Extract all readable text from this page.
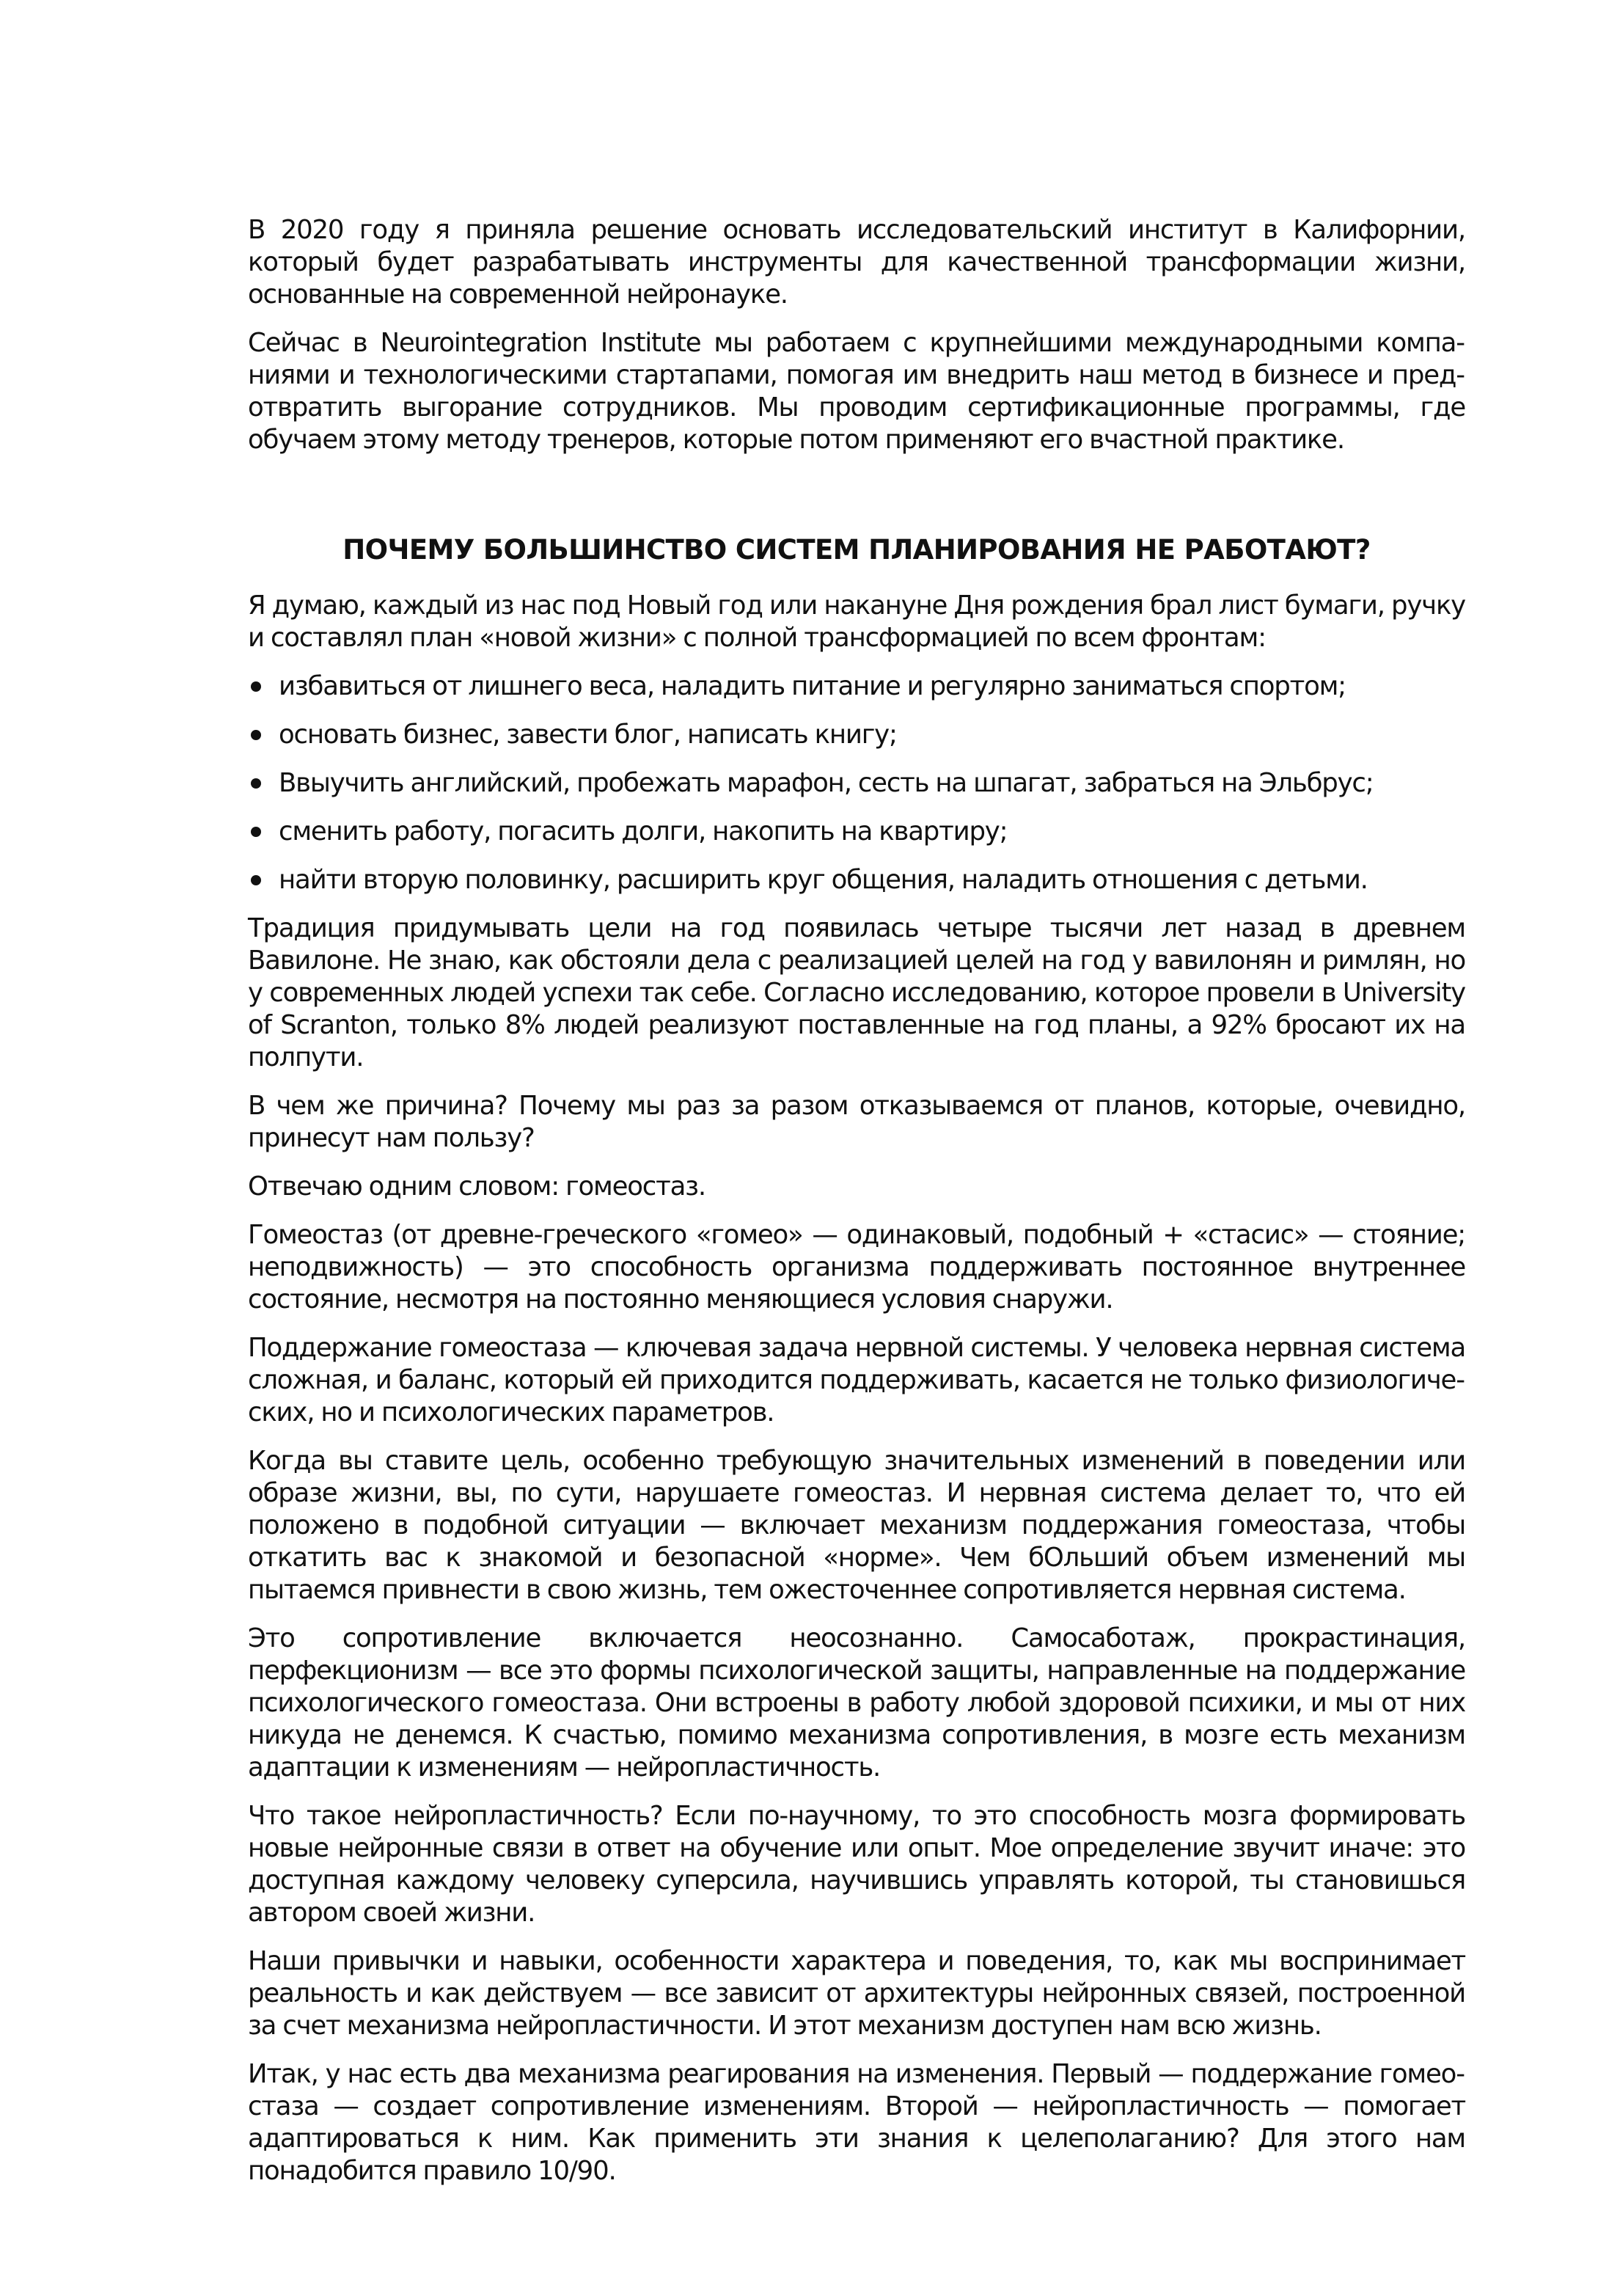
В 2020 году я приняла решение основать исследовательский институт в Калифорнии, который будет разрабатывать инструменты для качественной трансформации жизни, основанные на современной нейронауке.

Сейчас в Neurointegration Institute мы работаем с крупнейшими международными компаниями и технологическими стартапами, помогая им внедрить наш метод в бизнесе и предотвратить выгорание сотрудников. Мы проводим сертификационные программы, где обучаем этому методу тренеров, которые потом применяют его вчастной практике.

ПОЧЕМУ БОЛЬШИНСТВО СИСТЕМ ПЛАНИРОВАНИЯ НЕ РАБОТАЮТ?

Я думаю, каждый из нас под Новый год или накануне Дня рождения брал лист бумаги, ручку и составлял план «новой жизни» с полной трансформацией по всем фронтам:

избавиться от лишнего веса, наладить питание и регулярно заниматься спортом;
основать бизнес, завести блог, написать книгу;
Ввыучить английский, пробежать марафон, сесть на шпагат, забраться на Эльбрус;
сменить работу, погасить долги, накопить на квартиру;
найти вторую половинку, расширить круг общения, наладить отношения с детьми.

Традиция придумывать цели на год появилась четыре тысячи лет назад в древнем Вавилоне. Не знаю, как обстояли дела с реализацией целей на год у вавилонян и римлян, но у современных людей успехи так себе. Согласно исследованию, которое провели в University of Scranton, только 8% людей реализуют поставленные на год планы, а 92% бросают их на полпути.

В чем же причина? Почему мы раз за разом отказываемся от планов, которые, очевидно, принесут нам пользу?

Отвечаю одним словом: гомеостаз.

Гомеостаз (от древне-греческого «гомео» — одинаковый, подобный + «стасис» — стояние; неподвижность) — это способность организма поддерживать постоянное внутреннее состояние, несмотря на постоянно меняющиеся условия снаружи.

Поддержание гомеостаза — ключевая задача нервной системы. У человека нервная система сложная, и баланс, который ей приходится поддерживать, касается не только физиологических, но и психологических параметров.

Когда вы ставите цель, особенно требующую значительных изменений в поведении или образе жизни, вы, по сути, нарушаете гомеостаз. И нервная система делает то, что ей положено в подобной ситуации — включает механизм поддержания гомеостаза, чтобы откатить вас к знакомой и безопасной «норме». Чем бОльший объем изменений мы пытаемся привнести в свою жизнь, тем ожесточеннее сопротивляется нервная система.

Это сопротивление включается неосознанно. Самосаботаж, прокрастинация, перфекционизм — все это формы психологической защиты, направленные на поддержание психологического гомеостаза. Они встроены в работу любой здоровой психики, и мы от них никуда не денемся. К счастью, помимо механизма сопротивления, в мозге есть механизм адаптации к изменениям — нейропластичность.

Что такое нейропластичность? Если по-научному, то это способность мозга формировать новые нейронные связи в ответ на обучение или опыт. Мое определение звучит иначе: это доступная каждому человеку суперсила, научившись управлять которой, ты становишься автором своей жизни.

Наши привычки и навыки, особенности характера и поведения, то, как мы воспринимает реальность и как действуем — все зависит от архитектуры нейронных связей, построенной за счет механизма нейропластичности. И этот механизм доступен нам всю жизнь.

Итак, у нас есть два механизма реагирования на изменения. Первый — поддержание гомеостаза — создает сопротивление изменениям. Второй — нейропластичность — помогает адаптироваться к ним. Как применить эти знания к целеполаганию? Для этого нам понадобится правило 10/90.
